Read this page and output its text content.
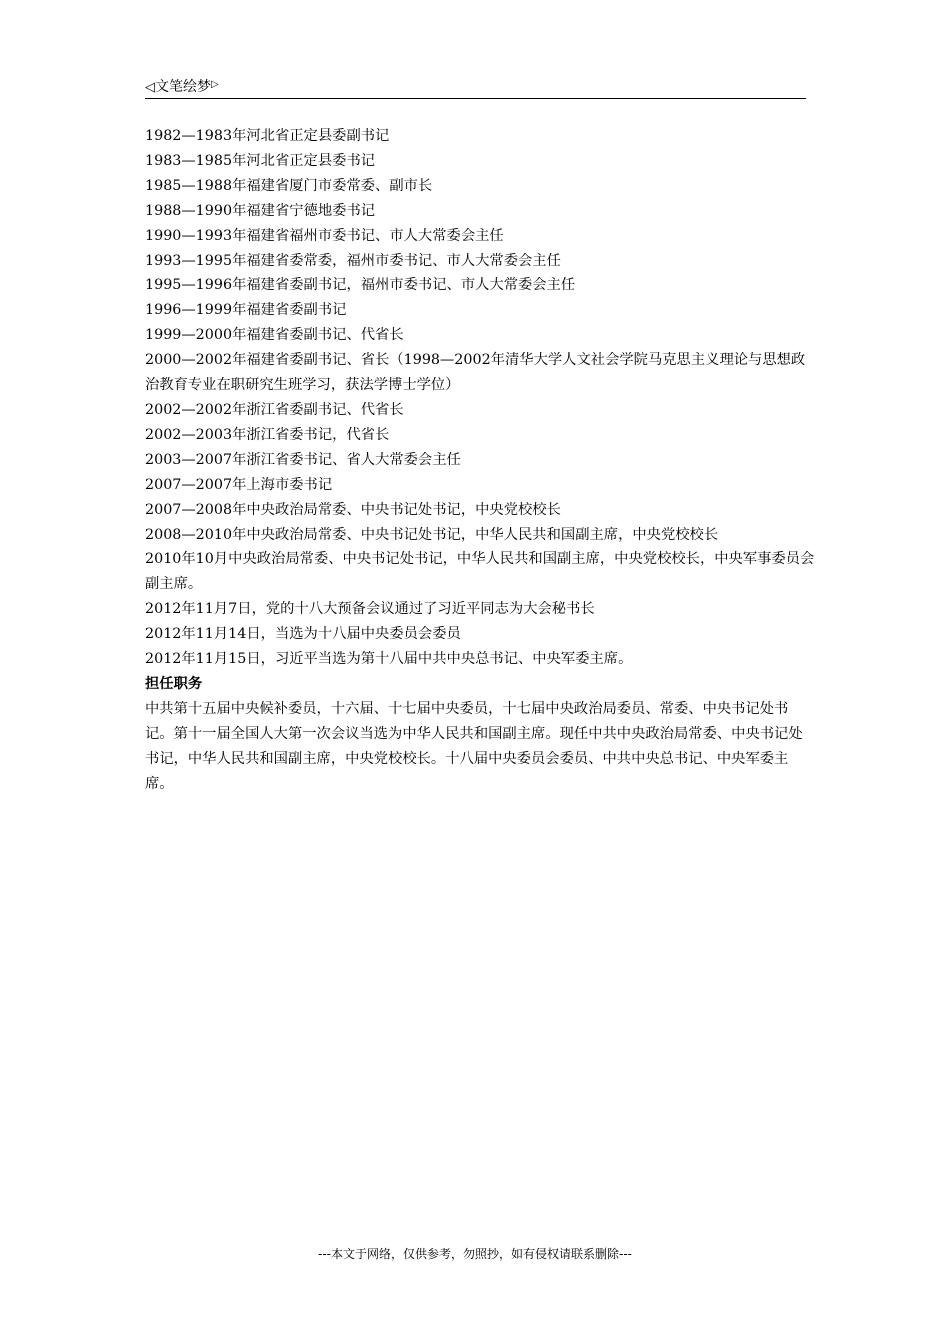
◁文笔绘梦▷

1982—1983年河北省正定县委副书记

1983—1985年河北省正定县委书记

1985—1988年福建省厦门市委常委、副市长

1988—1990年福建省宁德地委书记

1990—1993年福建省福州市委书记、市人大常委会主任

1993—1995年福建省委常委，福州市委书记、市人大常委会主任

1995—1996年福建省委副书记，福州市委书记、市人大常委会主任

1996—1999年福建省委副书记

1999—2000年福建省委副书记、代省长

2000—2002年福建省委副书记、省长（1998—2002年清华大学人文社会学院马克思主义理论与思想政治教育专业在职研究生班学习，获法学博士学位）

2002—2002年浙江省委副书记、代省长

2002—2003年浙江省委书记，代省长

2003—2007年浙江省委书记、省人大常委会主任

2007—2007年上海市委书记

2007—2008年中央政治局常委、中央书记处书记，中央党校校长

2008—2010年中央政治局常委、中央书记处书记，中华人民共和国副主席，中央党校校长

2010年10月中央政治局常委、中央书记处书记，中华人民共和国副主席，中央党校校长，中央军事委员会副主席。

2012年11月7日，党的十八大预备会议通过了习近平同志为大会秘书长

2012年11月14日，当选为十八届中央委员会委员

2012年11月15日，习近平当选为第十八届中共中央总书记、中央军委主席。

担任职务

中共第十五届中央候补委员，十六届、十七届中央委员，十七届中央政治局委员、常委、中央书记处书记。第十一届全国人大第一次会议当选为中华人民共和国副主席。现任中共中央政治局常委、中央书记处书记，中华人民共和国副主席，中央党校校长。十八届中央委员会委员、中共中央总书记、中央军委主席。

---本文于网络，仅供参考，勿照抄，如有侵权请联系删除---
